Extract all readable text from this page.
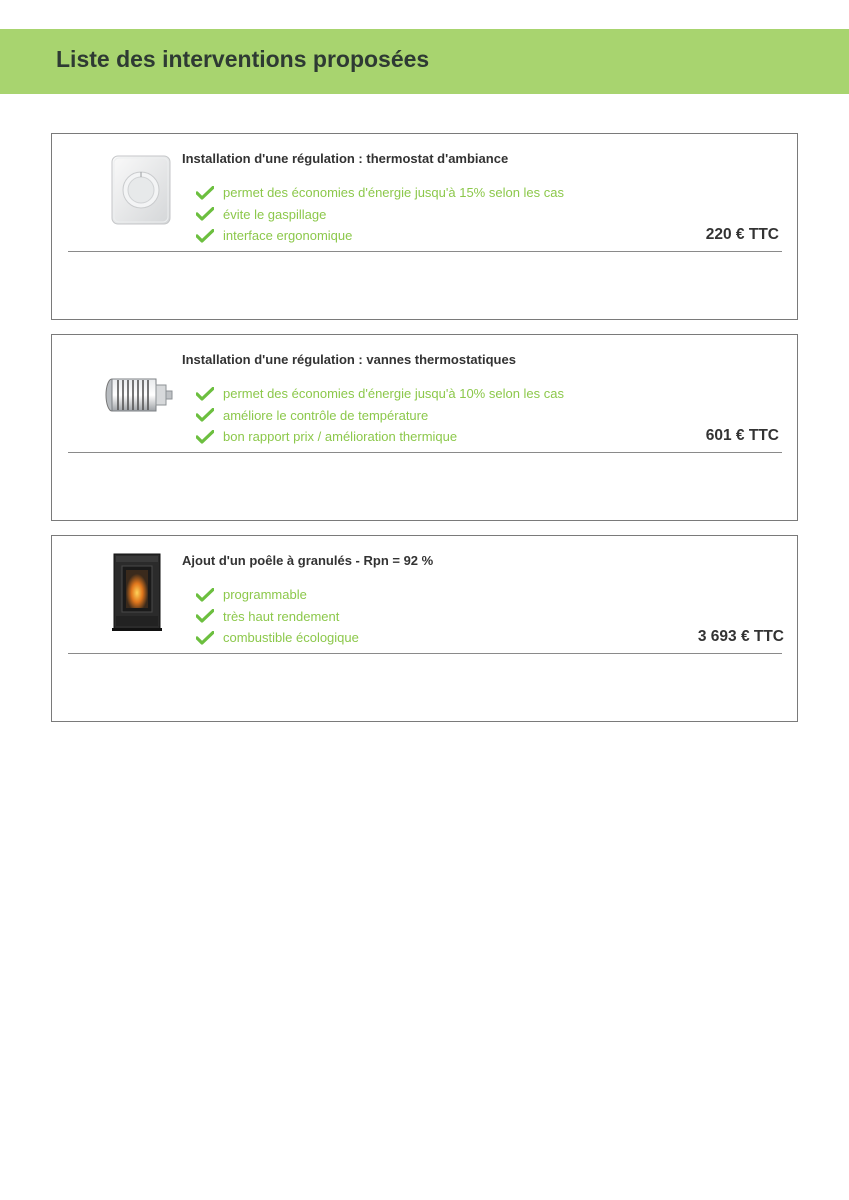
Liste des interventions proposées
Installation d'une régulation : thermostat d'ambiance
permet des économies d'énergie jusqu'à 15% selon les cas
évite le gaspillage
interface ergonomique	220 € TTC
Installation d'une régulation : vannes thermostatiques
permet des économies d'énergie jusqu'à 10% selon les cas
améliore le contrôle de température
bon rapport prix / amélioration thermique	601 € TTC
Ajout d'un poêle à granulés - Rpn = 92 %
programmable
très haut rendement
combustible écologique	3 693 € TTC
